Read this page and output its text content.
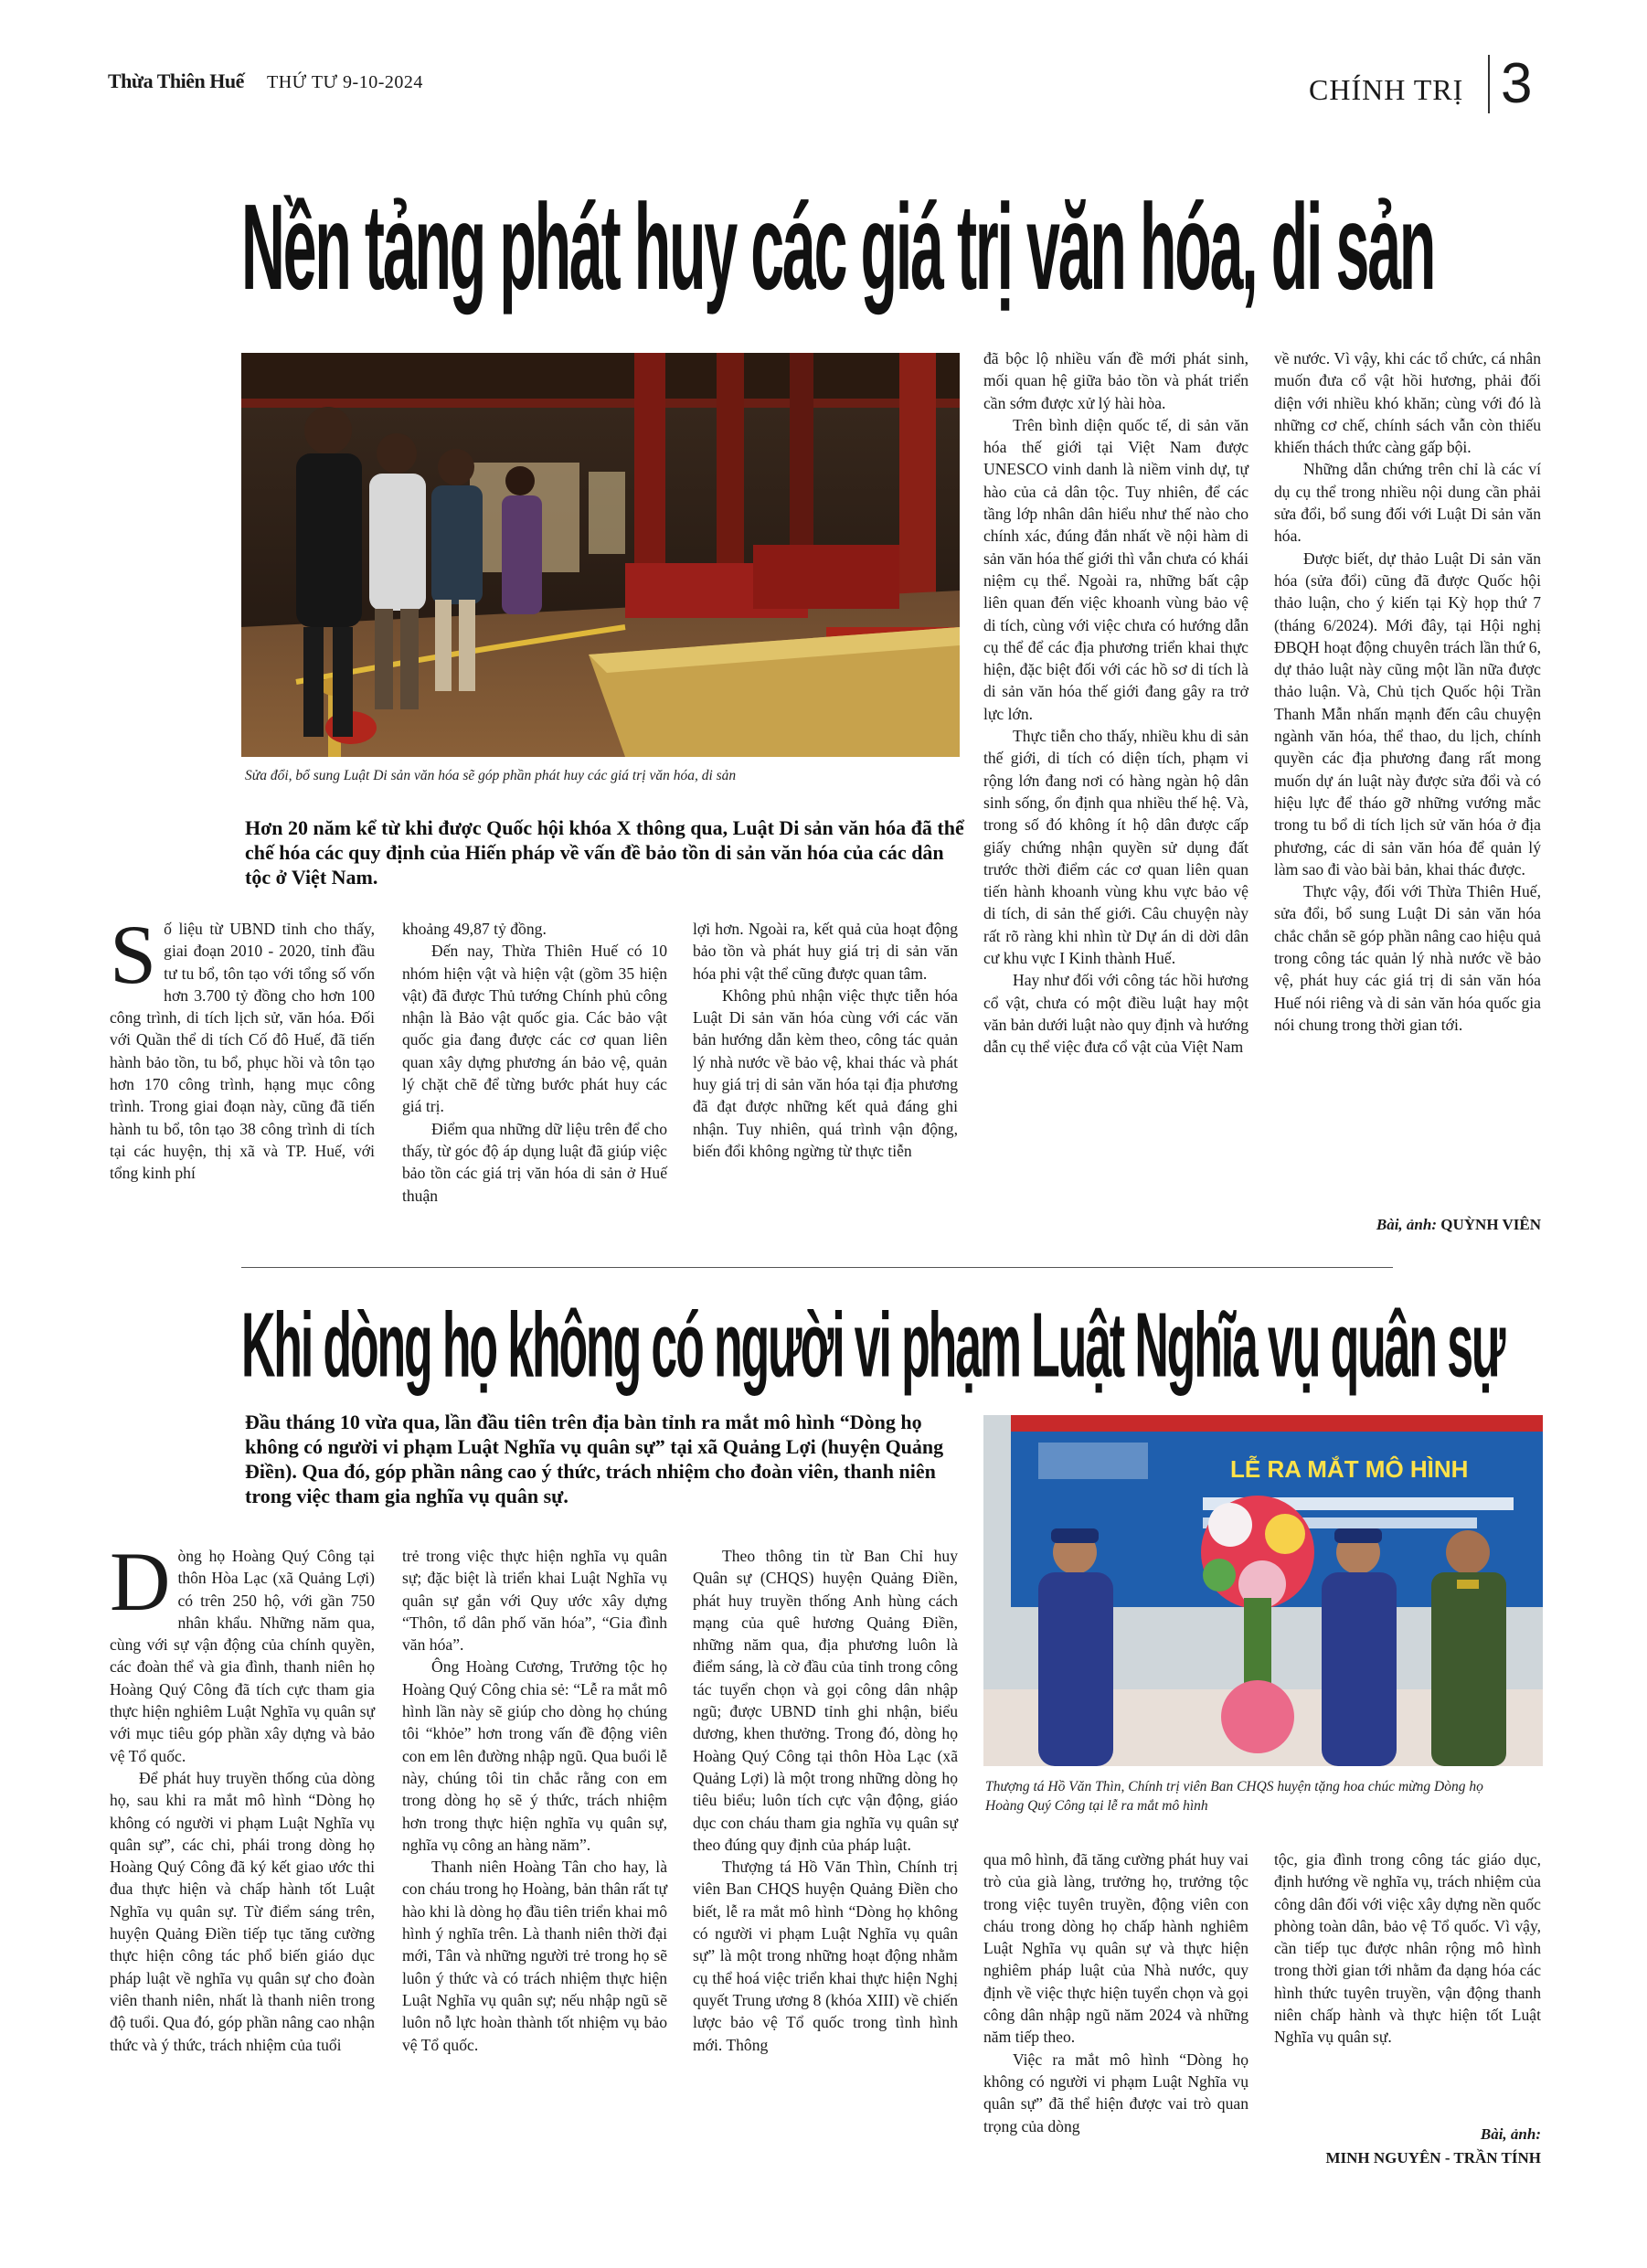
Thừa Thiên Huế THỨ TƯ 9-10-2024	CHÍNH TRỊ 3
Nền tảng phát huy các giá trị văn hóa, di sản
Sửa đổi, bổ sung Luật Di sản văn hóa sẽ góp phần phát huy các giá trị văn hóa, di sản
Hơn 20 năm kể từ khi được Quốc hội khóa X thông qua, Luật Di sản văn hóa đã thể chế hóa các quy định của Hiến pháp về vấn đề bảo tồn di sản văn hóa của các dân tộc ở Việt Nam.
S ố liệu từ UBND tỉnh cho thấy, giai đoạn 2010 - 2020, tỉnh đầu tư tu bổ, tôn tạo với tổng số vốn hơn 3.700 tỷ đồng cho hơn 100 công trình, di tích lịch sử, văn hóa. Đối với Quần thể di tích Cố đô Huế, đã tiến hành bảo tồn, tu bổ, phục hồi và tôn tạo hơn 170 công trình, hạng mục công trình. Trong giai đoạn này, cũng đã tiến hành tu bổ, tôn tạo 38 công trình di tích tại các huyện, thị xã và TP. Huế, với tổng kinh phí

khoảng 49,87 tỷ đồng.

Đến nay, Thừa Thiên Huế có 10 nhóm hiện vật và hiện vật (gồm 35 hiện vật) đã được Thủ tướng Chính phủ công nhận là Bảo vật quốc gia. Các bảo vật quốc gia đang được các cơ quan liên quan xây dựng phương án bảo vệ, quản lý chặt chẽ để từng bước phát huy các giá trị.

Điểm qua những dữ liệu trên để cho thấy, từ góc độ áp dụng luật đã giúp việc bảo tồn các giá trị văn hóa di sản ở Huế thuận

lợi hơn. Ngoài ra, kết quả của hoạt động bảo tồn và phát huy giá trị di sản văn hóa phi vật thể cũng được quan tâm.

Không phủ nhận việc thực tiễn hóa Luật Di sản văn hóa cùng với các văn bản hướng dẫn kèm theo, công tác quản lý nhà nước về bảo vệ, khai thác và phát huy giá trị di sản văn hóa tại địa phương đã đạt được những kết quả đáng ghi nhận. Tuy nhiên, quá trình vận động, biến đổi không ngừng từ thực tiễn

đã bộc lộ nhiều vấn đề mới phát sinh, mối quan hệ giữa bảo tồn và phát triển cần sớm được xử lý hài hòa.

Trên bình diện quốc tế, di sản văn hóa thế giới tại Việt Nam được UNESCO vinh danh là niềm vinh dự, tự hào của cả dân tộc. Tuy nhiên, để các tầng lớp nhân dân hiểu như thế nào cho chính xác, đúng đắn nhất về nội hàm di sản văn hóa thế giới thì vẫn chưa có khái niệm cụ thể. Ngoài ra, những bất cập liên quan đến việc khoanh vùng bảo vệ di tích, cùng với việc chưa có hướng dẫn cụ thể để các địa phương triển khai thực hiện, đặc biệt đối với các hồ sơ di tích là di sản văn hóa thế giới đang gây ra trở lực lớn.

Thực tiễn cho thấy, nhiều khu di sản thế giới, di tích có diện tích, phạm vi rộng lớn đang nơi có hàng ngàn hộ dân sinh sống, ổn định qua nhiều thế hệ. Và, trong số đó không ít hộ dân được cấp giấy chứng nhận quyền sử dụng đất trước thời điểm các cơ quan liên quan tiến hành khoanh vùng khu vực bảo vệ di tích, di sản thế giới. Câu chuyện này rất rõ ràng khi nhìn từ Dự án di dời dân cư khu vực I Kinh thành Huế.

Hay như đối với công tác hồi hương cổ vật, chưa có một điều luật hay một văn bản dưới luật nào quy định và hướng dẫn cụ thể việc đưa cổ vật của Việt Nam

về nước. Vì vậy, khi các tổ chức, cá nhân muốn đưa cổ vật hồi hương, phải đối diện với nhiều khó khăn; cùng với đó là những cơ chế, chính sách vẫn còn thiếu khiến thách thức càng gấp bội.

Những dẫn chứng trên chỉ là các ví dụ cụ thể trong nhiều nội dung cần phải sửa đổi, bổ sung đối với Luật Di sản văn hóa.

Được biết, dự thảo Luật Di sản văn hóa (sửa đổi) cũng đã được Quốc hội thảo luận, cho ý kiến tại Kỳ họp thứ 7 (tháng 6/2024). Mới đây, tại Hội nghị ĐBQH hoạt động chuyên trách lần thứ 6, dự thảo luật này cũng một lần nữa được thảo luận. Và, Chủ tịch Quốc hội Trần Thanh Mẫn nhấn mạnh đến câu chuyện ngành văn hóa, thể thao, du lịch, chính quyền các địa phương đang rất mong muốn dự án luật này được sửa đổi và có hiệu lực để tháo gỡ những vướng mắc trong tu bổ di tích lịch sử văn hóa ở địa phương, các di sản văn hóa để quản lý làm sao đi vào bài bản, khai thác được.

Thực vậy, đối với Thừa Thiên Huế, sửa đổi, bổ sung Luật Di sản văn hóa chắc chắn sẽ góp phần nâng cao hiệu quả trong công tác quản lý nhà nước về bảo vệ, phát huy các giá trị di sản văn hóa Huế nói riêng và di sản văn hóa quốc gia nói chung trong thời gian tới.

Bài, ảnh: QUỲNH VIÊN
Khi dòng họ không có người vi phạm Luật Nghĩa vụ quân sự
Đầu tháng 10 vừa qua, lần đầu tiên trên địa bàn tỉnh ra mắt mô hình “Dòng họ không có người vi phạm Luật Nghĩa vụ quân sự” tại xã Quảng Lợi (huyện Quảng Điền). Qua đó, góp phần nâng cao ý thức, trách nhiệm cho đoàn viên, thanh niên trong việc tham gia nghĩa vụ quân sự.
LỄ RA MẮT MÔ HÌNH
Thượng tá Hồ Văn Thìn, Chính trị viên Ban CHQS huyện tặng hoa chúc mừng Dòng họ Hoàng Quý Công tại lễ ra mắt mô hình
D òng họ Hoàng Quý Công tại thôn Hòa Lạc (xã Quảng Lợi) có trên 250 hộ, với gần 750 nhân khẩu. Những năm qua, cùng với sự vận động của chính quyền, các đoàn thể và gia đình, thanh niên họ Hoàng Quý Công đã tích cực tham gia thực hiện nghiêm Luật Nghĩa vụ quân sự với mục tiêu góp phần xây dựng và bảo vệ Tổ quốc.

Để phát huy truyền thống của dòng họ, sau khi ra mắt mô hình “Dòng họ không có người vi phạm Luật Nghĩa vụ quân sự”, các chi, phái trong dòng họ Hoàng Quý Công đã ký kết giao ước thi đua thực hiện và chấp hành tốt Luật Nghĩa vụ quân sự. Từ điểm sáng trên, huyện Quảng Điền tiếp tục tăng cường thực hiện công tác phổ biến giáo dục pháp luật về nghĩa vụ quân sự cho đoàn viên thanh niên, nhất là thanh niên trong độ tuổi. Qua đó, góp phần nâng cao nhận thức và ý thức, trách nhiệm của tuổi

trẻ trong việc thực hiện nghĩa vụ quân sự; đặc biệt là triển khai Luật Nghĩa vụ quân sự gắn với Quy ước xây dựng “Thôn, tổ dân phố văn hóa”, “Gia đình văn hóa”.

Ông Hoàng Cương, Trưởng tộc họ Hoàng Quý Công chia sẻ: “Lễ ra mắt mô hình lần này sẽ giúp cho dòng họ chúng tôi “khỏe” hơn trong vấn đề động viên con em lên đường nhập ngũ. Qua buổi lễ này, chúng tôi tin chắc rằng con em trong dòng họ sẽ ý thức, trách nhiệm hơn trong thực hiện nghĩa vụ quân sự, nghĩa vụ công an hàng năm”.

Thanh niên Hoàng Tân cho hay, là con cháu trong họ Hoàng, bản thân rất tự hào khi là dòng họ đầu tiên triển khai mô hình ý nghĩa trên. Là thanh niên thời đại mới, Tân và những người trẻ trong họ sẽ luôn ý thức và có trách nhiệm thực hiện Luật Nghĩa vụ quân sự; nếu nhập ngũ sẽ luôn nỗ lực hoàn thành tốt nhiệm vụ bảo vệ Tổ quốc.

Theo thông tin từ Ban Chỉ huy Quân sự (CHQS) huyện Quảng Điền, phát huy truyền thống Anh hùng cách mạng của quê hương Quảng Điền, những năm qua, địa phương luôn là điểm sáng, là cờ đầu của tỉnh trong công tác tuyển chọn và gọi công dân nhập ngũ; được UBND tỉnh ghi nhận, biểu dương, khen thưởng. Trong đó, dòng họ Hoàng Quý Công tại thôn Hòa Lạc (xã Quảng Lợi) là một trong những dòng họ tiêu biểu; luôn tích cực vận động, giáo dục con cháu tham gia nghĩa vụ quân sự theo đúng quy định của pháp luật.

Thượng tá Hồ Văn Thìn, Chính trị viên Ban CHQS huyện Quảng Điền cho biết, lễ ra mắt mô hình “Dòng họ không có người vi phạm Luật Nghĩa vụ quân sự” là một trong những hoạt động nhằm cụ thể hoá việc triển khai thực hiện Nghị quyết Trung ương 8 (khóa XIII) về chiến lược bảo vệ Tổ quốc trong tình hình mới. Thông

qua mô hình, đã tăng cường phát huy vai trò của già làng, trưởng họ, trưởng tộc trong việc tuyên truyền, động viên con cháu trong dòng họ chấp hành nghiêm Luật Nghĩa vụ quân sự và thực hiện nghiêm pháp luật của Nhà nước, quy định về việc thực hiện tuyển chọn và gọi công dân nhập ngũ năm 2024 và những năm tiếp theo.

Việc ra mắt mô hình “Dòng họ không có người vi phạm Luật Nghĩa vụ quân sự” đã thể hiện được vai trò quan trọng của dòng

tộc, gia đình trong công tác giáo dục, định hướng về nghĩa vụ, trách nhiệm của công dân đối với việc xây dựng nền quốc phòng toàn dân, bảo vệ Tổ quốc. Vì vậy, cần tiếp tục được nhân rộng mô hình trong thời gian tới nhằm đa dạng hóa các hình thức tuyên truyền, vận động thanh niên chấp hành và thực hiện tốt Luật Nghĩa vụ quân sự.

Bài, ảnh:
MINH NGUYÊN - TRẦN TÍNH
